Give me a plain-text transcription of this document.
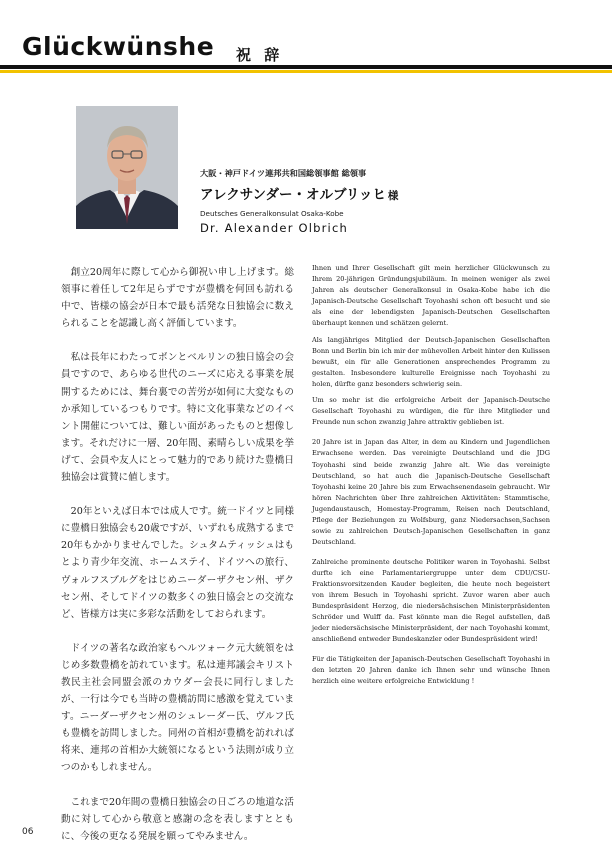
Glückwünshe 祝 辞
大阪・神戸ドイツ連邦共和国総領事館 総領事
アレクサンダー・オルブリッヒ 様
Deutsches Generalkonsulat Osaka-Kobe
Dr. Alexander Olbrich

創立20周年に際して心から御祝い申し上げます。総領事に着任して2年足らずですが豊橋を何回も訪れる中で、皆様の協会が日本で最も活発な日独協会に数えられることを認識し高く評価しています。

私は長年にわたってボンとベルリンの独日協会の会員ですので、あらゆる世代のニーズに応える事業を展開するためには、舞台裏での苦労が如何に大変なものか承知しているつもりです。特に文化事業などのイベント開催については、難しい面があったものと想像します。それだけに一層、20年間、素晴らしい成果を挙げて、会員や友人にとって魅力的であり続けた豊橋日独協会は賞賛に値します。

20年といえば日本では成人です。統一ドイツと同様に豊橋日独協会も20歳ですが、いずれも成熟するまで20年もかかりませんでした。シュタムティッシュはもとより青少年交流、ホームステイ、ドイツへの旅行、ヴォルフスブルグをはじめニーダーザクセン州、ザクセン州、そしてドイツの数多くの独日協会との交流など、皆様方は実に多彩な活動をしておられます。

ドイツの著名な政治家もヘルツォーク元大統領をはじめ多数豊橋を訪れています。私は連邦議会キリスト教民主社会同盟会派のカウダー会長に同行しましたが、一行は今でも当時の豊橋訪問に感激を覚えています。ニーダーザクセン州のシュレーダー氏、ヴルフ氏も豊橋を訪問しました。同州の首相が豊橋を訪れれば将来、連邦の首相か大統領になるという法則が成り立つのかもしれません。

これまで20年間の豊橋日独協会の日ごろの地道な活動に対して心から敬意と感謝の念を表しますとともに、今後の更なる発展を願ってやみません。

Ihnen und Ihrer Gesellschaft gilt mein herzlicher Glückwunsch zu Ihrem 20-jährigen Gründungsjubiläum. In meinen weniger als zwei Jahren als deutscher Generalkonsul in Osaka-Kobe habe ich die Japanisch-Deutsche Gesellschaft Toyohashi schon oft besucht und sie als eine der lebendigsten Japanisch-Deutschen Gesellschaften überhaupt kennen und schätzen gelernt.

Als langjähriges Mitglied der Deutsch-Japanischen Gesellschaften Bonn und Berlin bin ich mir der mühevollen Arbeit hinter den Kulissen bewußt, ein für alle Generationen ansprechendes Programm zu gestalten. Insbesondere kulturelle Ereignisse nach Toyohashi zu holen, dürfte ganz besonders schwierig sein.

Um so mehr ist die erfolgreiche Arbeit der Japanisch-Deutsche Gesellschaft Toyohashi zu würdigen, die für ihre Mitglieder und Freunde nun schon zwanzig Jahre attraktiv geblieben ist.

20 Jahre ist in Japan das Alter, in dem au Kindern und Jugendlichen Erwachsene werden. Das vereinigte Deutschland und die JDG Toyohashi sind beide zwanzig Jahre alt. Wie das vereinigte Deutschland, so hat auch die Japanisch-Deutsche Gesellschaft Toyohashi keine 20 Jahre bis zum Erwachsenendasein gebraucht. Wir hören Nachrichten über Ihre zahlreichen Aktivitäten: Stammtische, Jugendaustausch, Homestay-Programm, Reisen nach Deutschland, Pflege der Beziehungen zu Wolfsburg, ganz Niedersachsen,Sachsen sowie zu zahlreichen Deutsch-Japanischen Gesellschaften in ganz Deutschland.

Zahlreiche prominente deutsche Politiker waren in Toyohashi. Selbst durfte ich eine Parlamentariergruppe unter dem CDU/CSU-Fraktionsvorsitzenden Kauder begleiten, die heute noch begeistert von ihrem Besuch in Toyohashi spricht. Zuvor waren aber auch Bundespräsident Herzog, die niedersächsischen Ministerpräsidenten Schröder und Wulff da. Fast könnte man die Regel aufstellen, daß jeder niedersächsische Ministerpräsident, der nach Toyohashi kommt, anschließend entweder Bundeskanzler oder Bundespräsident wird!

Für die Tätigkeiten der Japanisch-Deutschen Gesellschaft Toyohashi in den letzten 20 Jahren danke ich Ihnen sehr und wünsche Ihnen herzlich eine weitere erfolgreiche Entwicklung !

06
